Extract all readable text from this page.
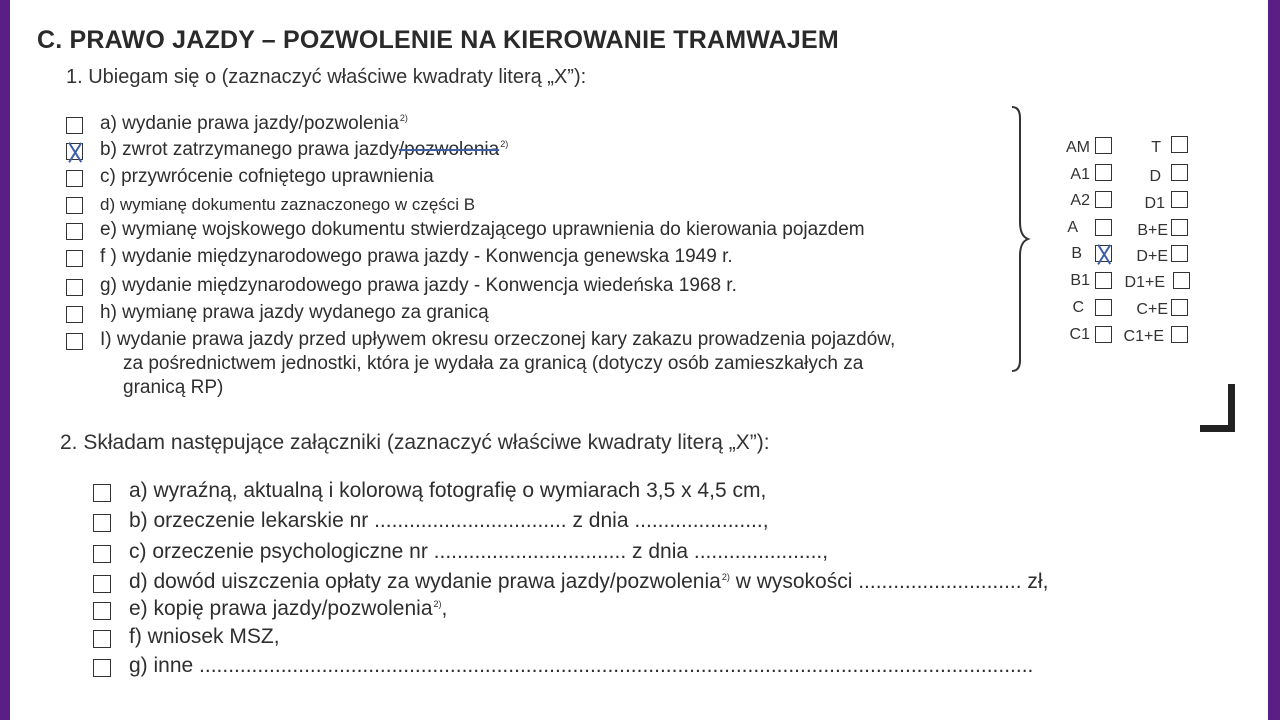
C. PRAWO JAZDY – POZWOLENIE NA KIEROWANIE TRAMWAJEM
1. Ubiegam się o (zaznaczyć właściwe kwadraty literą „X”):
a) wydanie prawa jazdy/pozwolenia$^{2)}$
b) zwrot zatrzymanego prawa jazdy/pozwolenia$^{2)}$
c) przywrócenie cofniętego uprawnienia
d) wymianę dokumentu zaznaczonego w części B
e) wymianę wojskowego dokumentu stwierdzającego uprawnienia do kierowania pojazdem
f ) wydanie międzynarodowego prawa jazdy - Konwencja genewska 1949 r.
g) wydanie międzynarodowego prawa jazdy - Konwencja wiedeńska 1968 r.
h) wymianę prawa jazdy wydanego za granicą
I) wydanie prawa jazdy przed upływem okresu orzeczonej kary zakazu prowadzenia pojazdów,
za pośrednictwem jednostki, która je wydała za granicą (dotyczy osób zamieszkałych za
granicą RP)
AM
A1
A2
A
B
B1
C
C1
T
D
D1
B+E
D+E
D1+E
C+E
C1+E
2. Składam następujące załączniki (zaznaczyć właściwe kwadraty literą „X”):
a) wyraźną, aktualną i kolorową fotografię o wymiarach 3,5 x 4,5 cm,
b) orzeczenie lekarskie nr ................................. z dnia ......................,
c) orzeczenie psychologiczne nr ................................. z dnia ......................,
d) dowód uiszczenia opłaty za wydanie prawa jazdy/pozwolenia$^{2)}$ w wysokości ............................ zł,
e) kopię prawa jazdy/pozwolenia$^{2)}$,
f) wniosek MSZ,
g) inne ...............................................................................................................................................
